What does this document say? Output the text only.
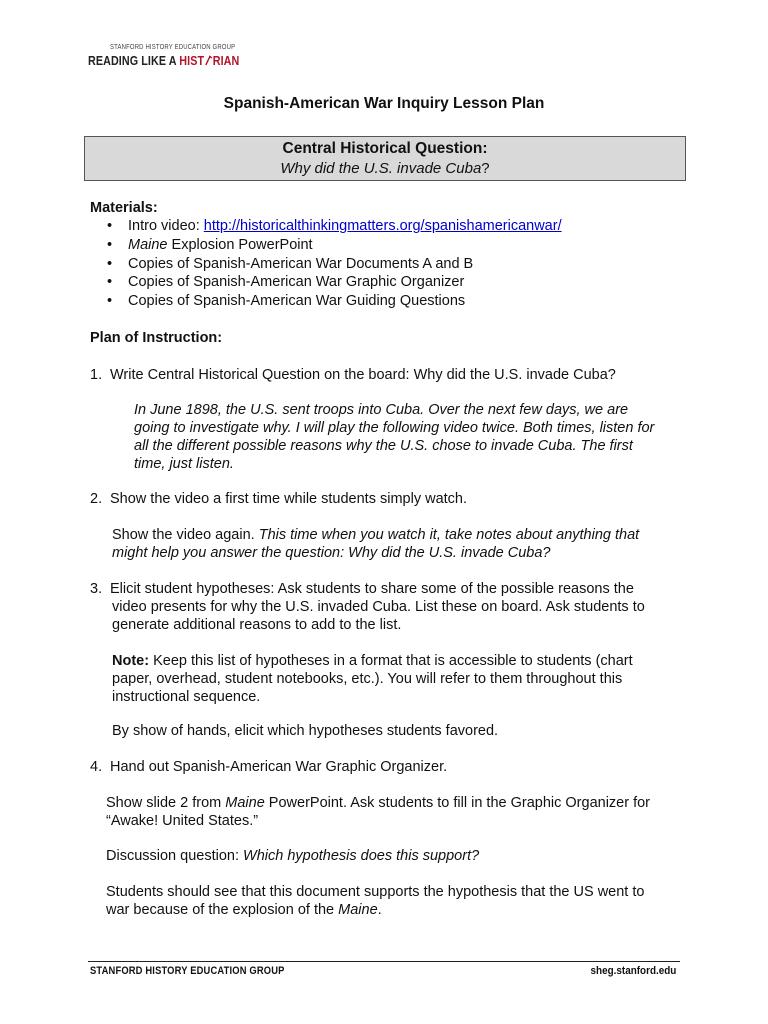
STANFORD HISTORY EDUCATION GROUP
READING LIKE A HIST RIAN
Spanish-American War Inquiry Lesson Plan
Central Historical Question:
Why did the U.S. invade Cuba?
Materials:
• Intro video: http://historicalthinkingmatters.org/spanishamericanwar/
• Maine Explosion PowerPoint
• Copies of Spanish-American War Documents A and B
• Copies of Spanish-American War Graphic Organizer
• Copies of Spanish-American War Guiding Questions
Plan of Instruction:
1. Write Central Historical Question on the board: Why did the U.S. invade Cuba?
In June 1898, the U.S. sent troops into Cuba. Over the next few days, we are
going to investigate why. I will play the following video twice. Both times, listen for
all the different possible reasons why the U.S. chose to invade Cuba. The first
time, just listen.
2. Show the video a first time while students simply watch.
Show the video again. This time when you watch it, take notes about anything that
might help you answer the question: Why did the U.S. invade Cuba?
3. Elicit student hypotheses: Ask students to share some of the possible reasons the
video presents for why the U.S. invaded Cuba. List these on board. Ask students to
generate additional reasons to add to the list.
Note: Keep this list of hypotheses in a format that is accessible to students (chart
paper, overhead, student notebooks, etc.). You will refer to them throughout this
instructional sequence.
By show of hands, elicit which hypotheses students favored.
4. Hand out Spanish-American War Graphic Organizer.
Show slide 2 from Maine PowerPoint. Ask students to fill in the Graphic Organizer for
“Awake! United States.”
Discussion question: Which hypothesis does this support?
Students should see that this document supports the hypothesis that the US went to
war because of the explosion of the Maine.
STANFORD HISTORY EDUCATION GROUP	sheg.stanford.edu
